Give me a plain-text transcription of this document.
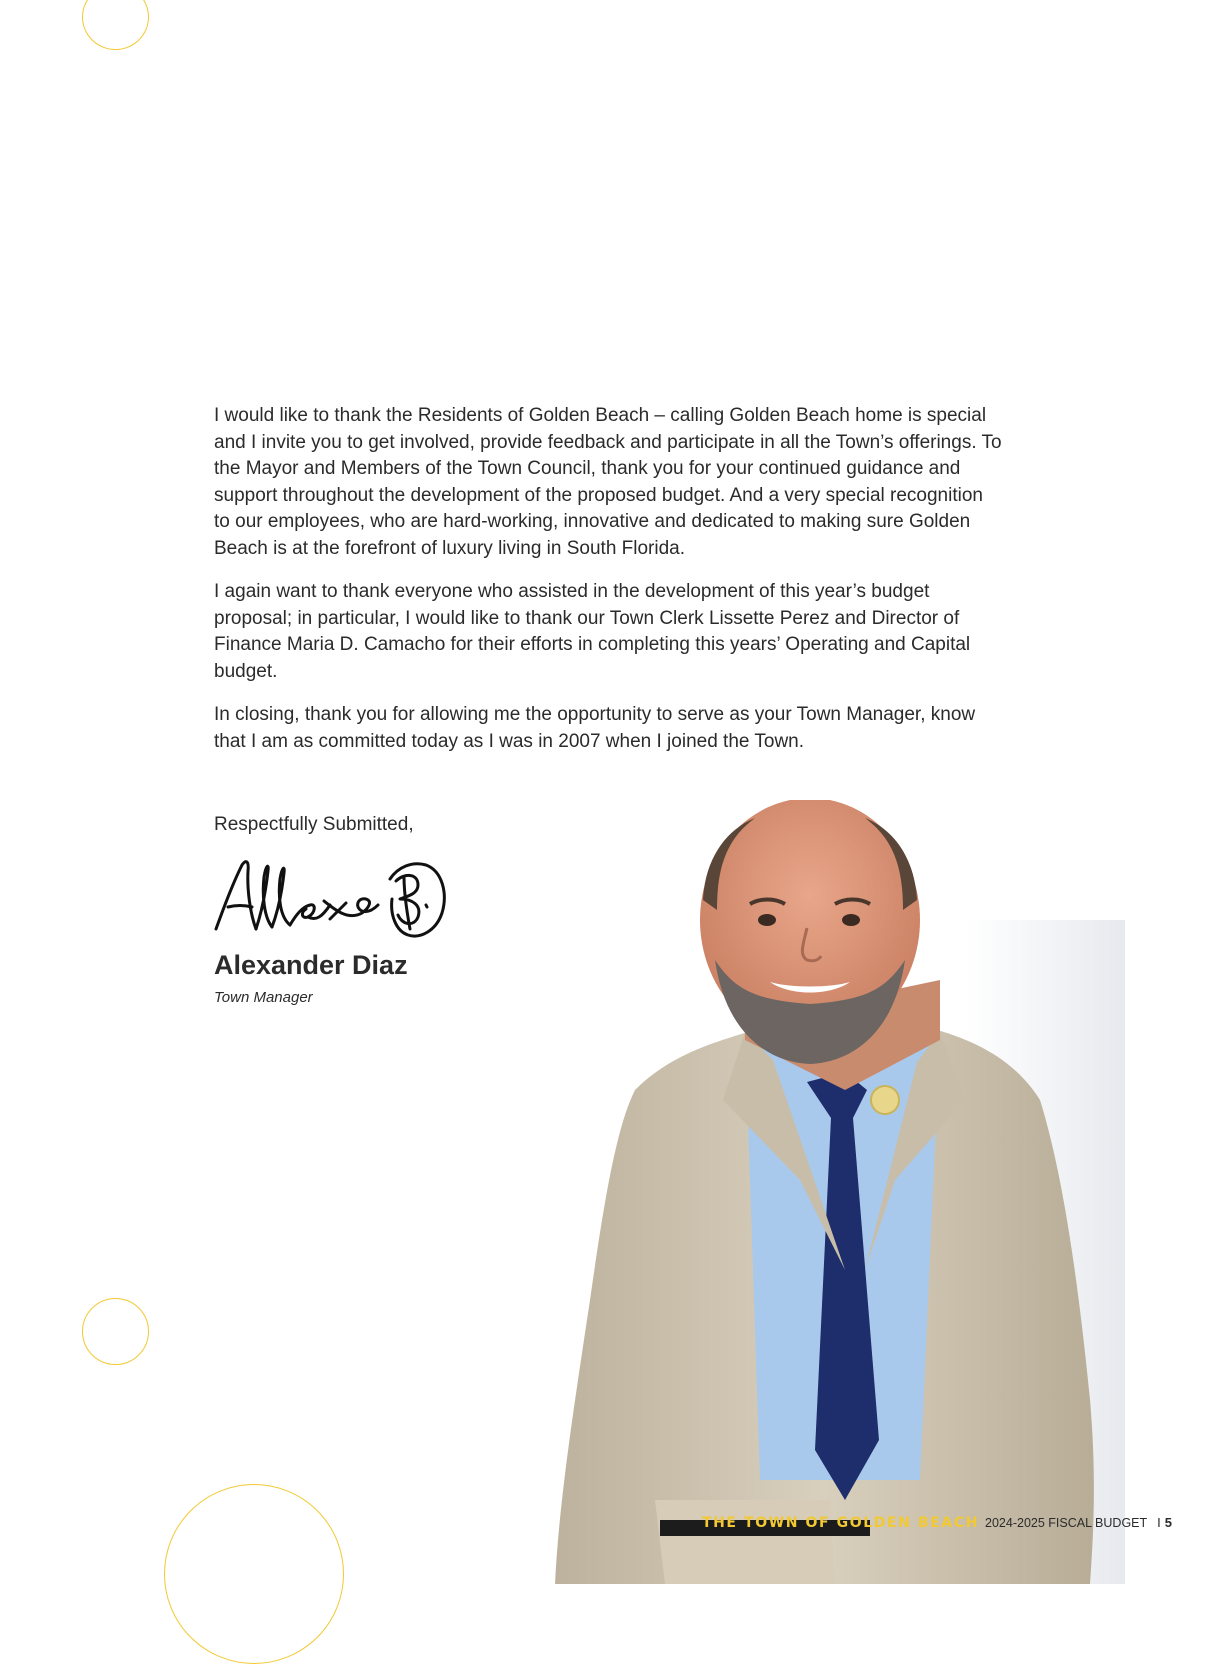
I would like to thank the Residents of Golden Beach – calling Golden Beach home is special and I invite you to get involved, provide feedback and participate in all the Town’s offerings. To the Mayor and Members of the Town Council, thank you for your continued guidance and support throughout the development of the proposed budget. And a very special recognition to our employees, who are hard-working, innovative and dedicated to making sure Golden Beach is at the forefront of luxury living in South Florida.

I again want to thank everyone who assisted in the development of this year’s budget proposal; in particular, I would like to thank our Town Clerk Lissette Perez and Director of Finance Maria D. Camacho for their efforts in completing this years’ Operating and Capital budget.

In closing, thank you for allowing me the opportunity to serve as your Town Manager, know that I am as committed today as I was in 2007 when I joined the Town.

Respectfully Submitted,
Alexander Diaz
Town Manager
THE TOWN OF GOLDEN BEACH 2024-2025 FISCAL BUDGET I 5
